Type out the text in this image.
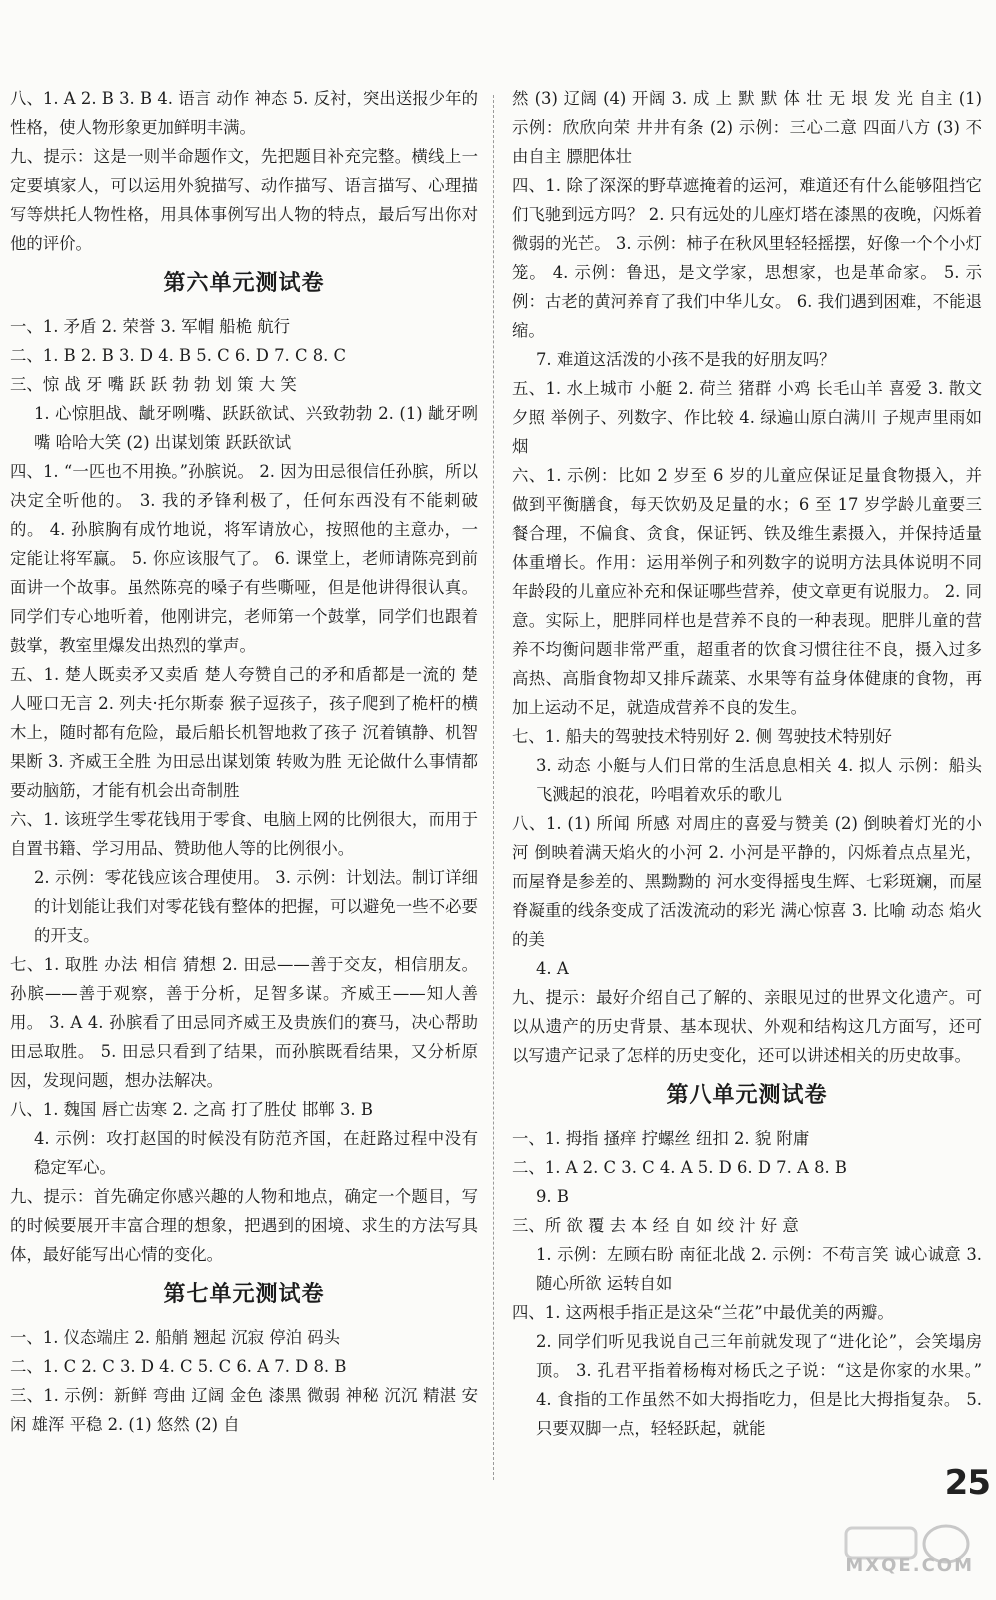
八、1. A 2. B 3. B 4. 语言 动作 神态 5. 反衬，突出送报少年的性格，使人物形象更加鲜明丰满。

九、提示：这是一则半命题作文，先把题目补充完整。横线上一定要填家人，可以运用外貌描写、动作描写、语言描写、心理描写等烘托人物性格，用具体事例写出人物的特点，最后写出你对他的评价。

第六单元测试卷

一、1. 矛盾 2. 荣誉 3. 军帽 船桅 航行

二、1. B 2. B 3. D 4. B 5. C 6. D 7. C 8. C

三、惊 战 牙 嘴 跃 跃 勃 勃 划 策 大 笑

1. 心惊胆战、龇牙咧嘴、跃跃欲试、兴致勃勃 2. (1) 龇牙咧嘴 哈哈大笑 (2) 出谋划策 跃跃欲试

四、1. “一匹也不用换。”孙膑说。 2. 因为田忌很信任孙膑，所以决定全听他的。 3. 我的矛锋利极了，任何东西没有不能刺破的。 4. 孙膑胸有成竹地说，将军请放心，按照他的主意办，一定能让将军赢。 5. 你应该服气了。 6. 课堂上，老师请陈亮到前面讲一个故事。虽然陈亮的嗓子有些嘶哑，但是他讲得很认真。同学们专心地听着，他刚讲完，老师第一个鼓掌，同学们也跟着鼓掌，教室里爆发出热烈的掌声。

五、1. 楚人既卖矛又卖盾 楚人夸赞自己的矛和盾都是一流的 楚人哑口无言 2. 列夫·托尔斯泰 猴子逗孩子，孩子爬到了桅杆的横木上，随时都有危险，最后船长机智地救了孩子 沉着镇静、机智果断 3. 齐威王全胜 为田忌出谋划策 转败为胜 无论做什么事情都要动脑筋，才能有机会出奇制胜

六、1. 该班学生零花钱用于零食、电脑上网的比例很大，而用于自置书籍、学习用品、赞助他人等的比例很小。

2. 示例：零花钱应该合理使用。 3. 示例：计划法。制订详细的计划能让我们对零花钱有整体的把握，可以避免一些不必要的开支。

七、1. 取胜 办法 相信 猜想 2. 田忌——善于交友，相信朋友。 孙膑——善于观察，善于分析，足智多谋。齐威王——知人善用。 3. A 4. 孙膑看了田忌同齐威王及贵族们的赛马，决心帮助田忌取胜。 5. 田忌只看到了结果，而孙膑既看结果，又分析原因，发现问题，想办法解决。

八、1. 魏国 唇亡齿寒 2. 之高 打了胜仗 邯郸 3. B

4. 示例：攻打赵国的时候没有防范齐国，在赶路过程中没有稳定军心。

九、提示：首先确定你感兴趣的人物和地点，确定一个题目，写的时候要展开丰富合理的想象，把遇到的困境、求生的方法写具体，最好能写出心情的变化。

第七单元测试卷

一、1. 仪态端庄 2. 船艄 翘起 沉寂 停泊 码头

二、1. C 2. C 3. D 4. C 5. C 6. A 7. D 8. B

三、1. 示例：新鲜 弯曲 辽阔 金色 漆黑 微弱 神秘 沉沉 精湛 安闲 雄浑 平稳 2. (1) 悠然 (2) 自

然 (3) 辽阔 (4) 开阔 3. 成 上 默 默 体 壮 无 垠 发 光 自主 (1) 示例：欣欣向荣 井井有条 (2) 示例：三心二意 四面八方 (3) 不由自主 膘肥体壮

四、1. 除了深深的野草遮掩着的运河，难道还有什么能够阻挡它们飞驰到远方吗？ 2. 只有远处的儿座灯塔在漆黑的夜晚，闪烁着微弱的光芒。 3. 示例：柿子在秋风里轻轻摇摆，好像一个个小灯笼。 4. 示例：鲁迅，是文学家，思想家，也是革命家。 5. 示例：古老的黄河养育了我们中华儿女。 6. 我们遇到困难，不能退缩。

7. 难道这活泼的小孩不是我的好朋友吗？

五、1. 水上城市 小艇 2. 荷兰 猪群 小鸡 长毛山羊 喜爱 3. 散文 夕照 举例子、列数字、作比较 4. 绿遍山原白满川 子规声里雨如烟

六、1. 示例：比如 2 岁至 6 岁的儿童应保证足量食物摄入，并做到平衡膳食，每天饮奶及足量的水；6 至 17 岁学龄儿童要三餐合理，不偏食、贪食，保证钙、铁及维生素摄入，并保持适量体重增长。作用：运用举例子和列数字的说明方法具体说明不同年龄段的儿童应补充和保证哪些营养，使文章更有说服力。 2. 同意。实际上，肥胖同样也是营养不良的一种表现。肥胖儿童的营养不均衡问题非常严重，超重者的饮食习惯往往不良，摄入过多高热、高脂食物却又排斥蔬菜、水果等有益身体健康的食物，再加上运动不足，就造成营养不良的发生。

七、1. 船夫的驾驶技术特别好 2. 侧 驾驶技术特别好

3. 动态 小艇与人们日常的生活息息相关 4. 拟人 示例：船头飞溅起的浪花，吟唱着欢乐的歌儿

八、1. (1) 所闻 所感 对周庄的喜爱与赞美 (2) 倒映着灯光的小河 倒映着满天焰火的小河 2. 小河是平静的，闪烁着点点星光，而屋脊是参差的、黑黝黝的 河水变得摇曳生辉、七彩斑斓，而屋脊凝重的线条变成了活泼流动的彩光 满心惊喜 3. 比喻 动态 焰火的美

4. A

九、提示：最好介绍自己了解的、亲眼见过的世界文化遗产。可以从遗产的历史背景、基本现状、外观和结构这几方面写，还可以写遗产记录了怎样的历史变化，还可以讲述相关的历史故事。

第八单元测试卷

一、1. 拇指 搔痒 拧螺丝 纽扣 2. 貌 附庸

二、1. A 2. C 3. C 4. A 5. D 6. D 7. A 8. B

9. B

三、所 欲 覆 去 本 经 自 如 绞 汁 好 意

1. 示例：左顾右盼 南征北战 2. 示例：不苟言笑 诚心诚意 3. 随心所欲 运转自如

四、1. 这两根手指正是这朵“兰花”中最优美的两瓣。

2. 同学们听见我说自己三年前就发现了“进化论”，会笑塌房顶。 3. 孔君平指着杨梅对杨氏之子说：“这是你家的水果。” 4. 食指的工作虽然不如大拇指吃力，但是比大拇指复杂。 5. 只要双脚一点，轻轻跃起，就能

25
MXQE.COM
